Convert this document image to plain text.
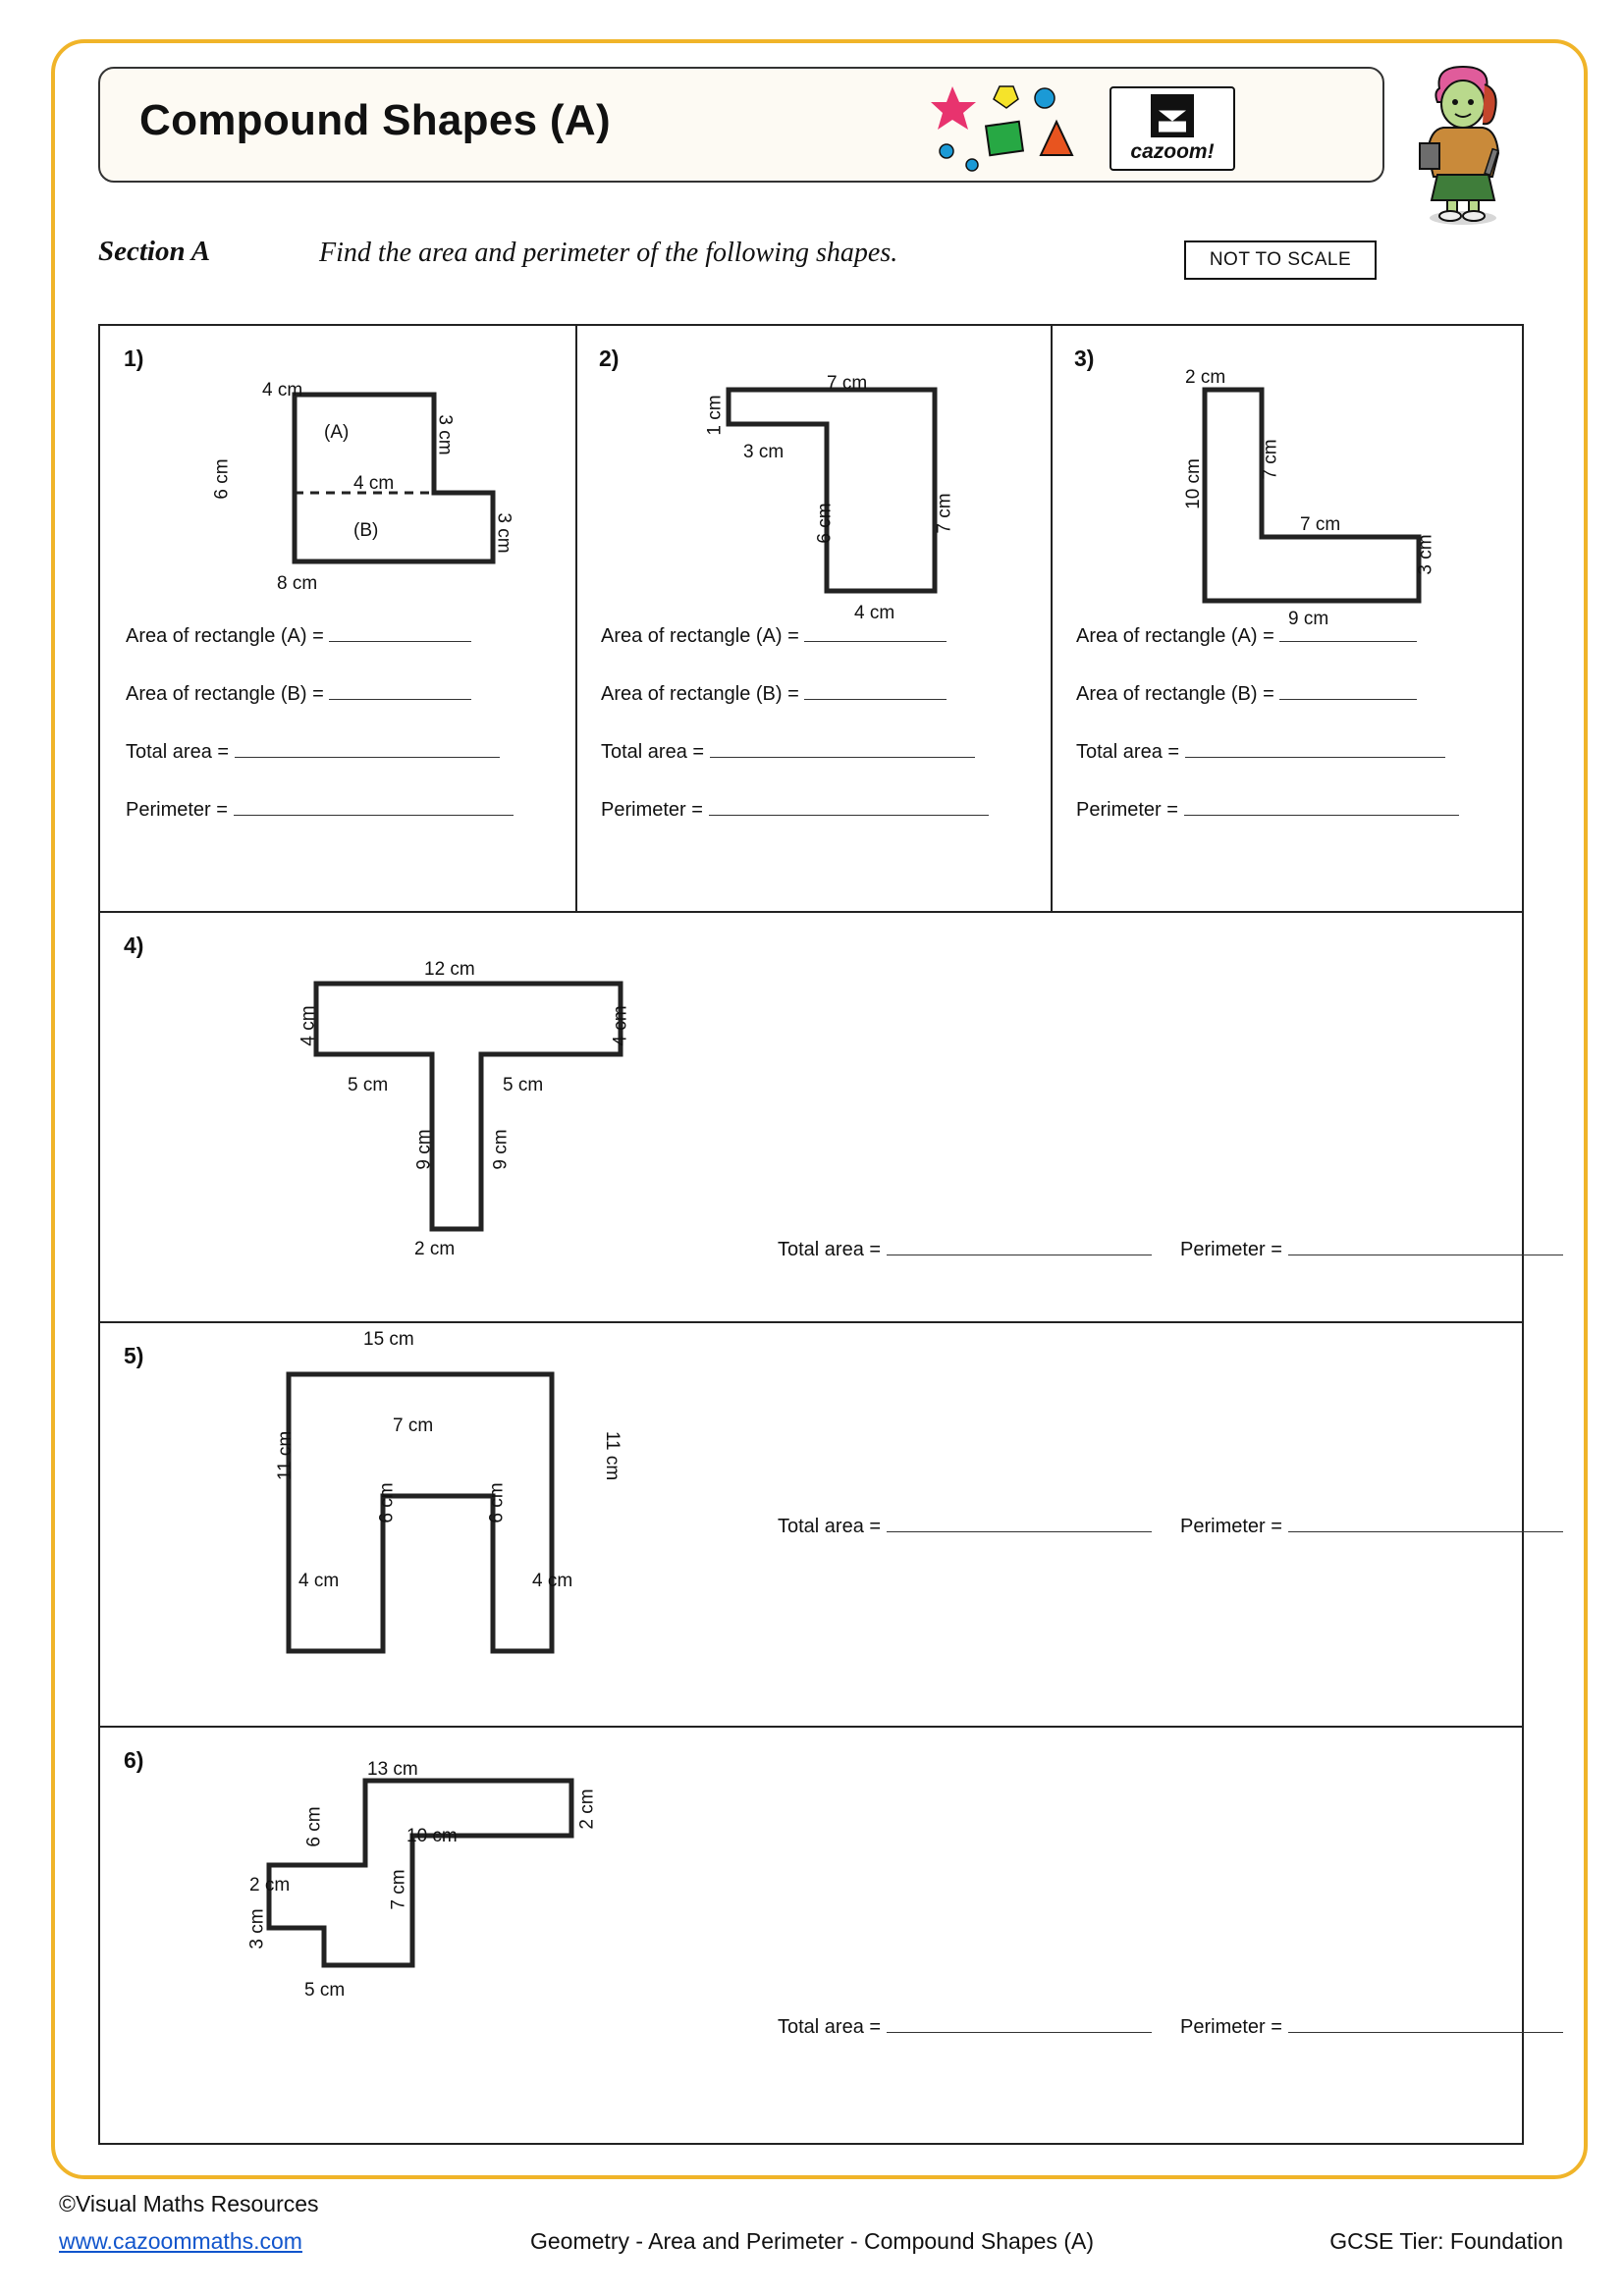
Compound Shapes (A)
cazoom!
Section A	Find the area and perimeter of the following shapes.	NOT TO SCALE
1)
4 cm
3 cm
4 cm
6 cm
3 cm
8 cm
(A)
(B)
Area of rectangle (A) =
Area of rectangle (B) =
Total area =
Perimeter =
2)
7 cm
1 cm
3 cm
6 cm	7 cm
4 cm
Area of rectangle (A) =
Area of rectangle (B) =
Total area =
Perimeter =
3)
2 cm
7 cm
10 cm
7 cm
3 cm
9 cm
Area of rectangle (A) =
Area of rectangle (B) =
Total area =
Perimeter =
4)
12 cm
4 cm	4 cm
5 cm	5 cm
9 cm	9 cm
2 cm	Total area =	Perimeter =
5)
15 cm
11 cm	11 cm
7 cm
6 cm	6 cm
4 cm	4 cm
Total area =	Perimeter =
6)	13 cm
2 cm
10 cm
6 cm
7 cm
2 cm
3 cm
5 cm
Total area =	Perimeter =
©Visual Maths Resources
www.cazoommaths.com	Geometry - Area and Perimeter - Compound Shapes (A)	GCSE Tier: Foundation
